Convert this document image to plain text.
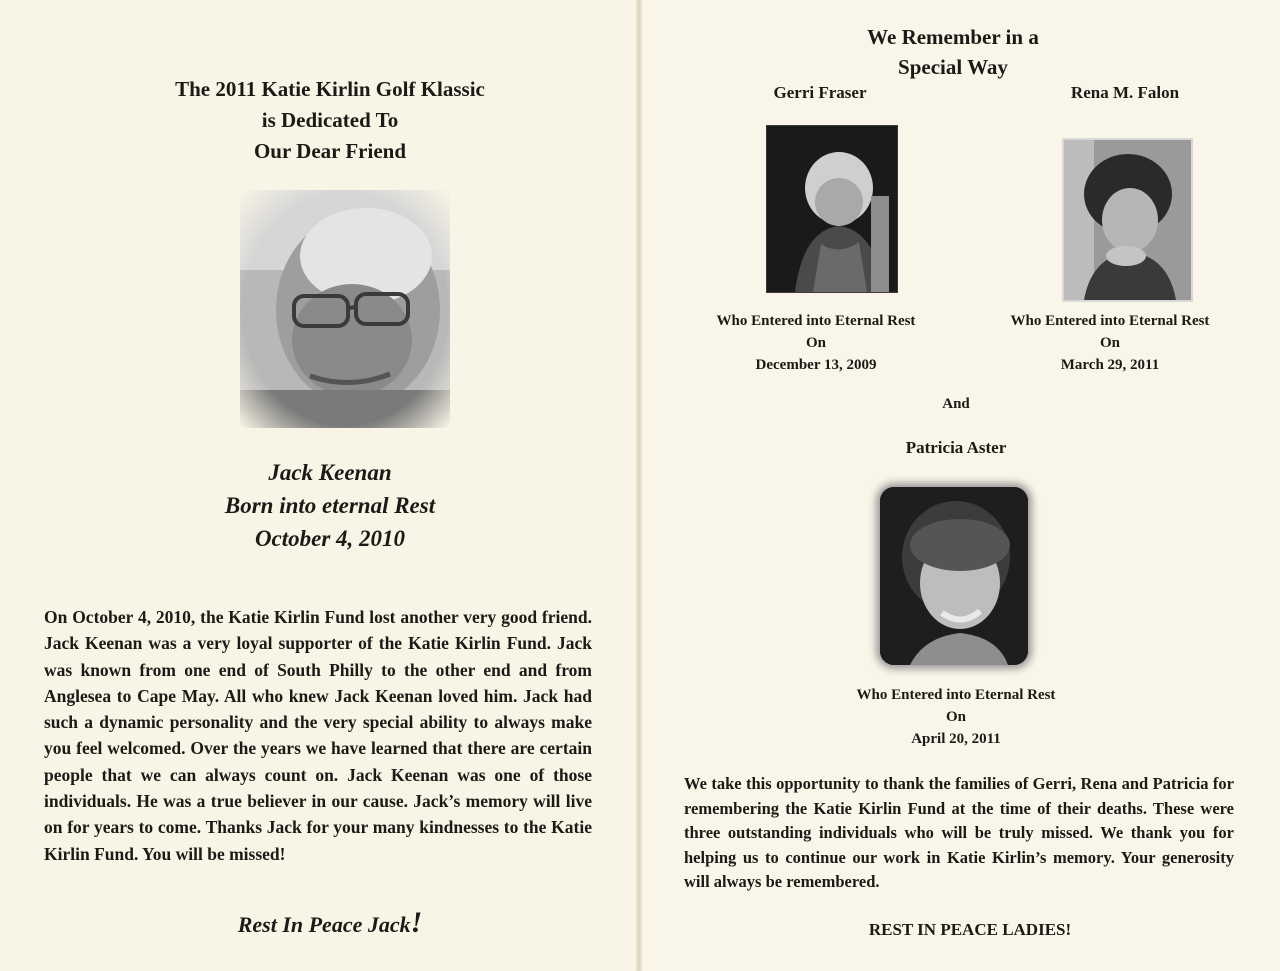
The 2011 Katie Kirlin Golf Klassic
is Dedicated To
Our Dear Friend
Jack Keenan
Born into eternal Rest
October 4, 2010
On October 4, 2010, the Katie Kirlin Fund lost another very good friend. Jack Keenan was a very loyal supporter of the Katie Kirlin Fund. Jack was known from one end of South Philly to the other end and from Anglesea to Cape May. All who knew Jack Keenan loved him. Jack had such a dynamic personality and the very special ability to always make you feel welcomed. Over the years we have learned that there are certain people that we can always count on. Jack Keenan was one of those individuals. He was a true believer in our cause. Jack’s memory will live on for years to come. Thanks Jack for your many kindnesses to the Katie Kirlin Fund. You will be missed!
Rest In Peace Jack!
We Remember in a
Special Way
Gerri Fraser	Rena M. Falon
Who Entered into Eternal Rest
On
December 13, 2009
Who Entered into Eternal Rest
On
March 29, 2011
And
Patricia Aster
Who Entered into Eternal Rest
On
April 20, 2011
We take this opportunity to thank the families of Gerri, Rena and Patricia for remembering the Katie Kirlin Fund at the time of their deaths. These were three outstanding individuals who will be truly missed. We thank you for helping us to continue our work in Katie Kirlin’s memory. Your generosity will always be remembered.
REST IN PEACE LADIES!
